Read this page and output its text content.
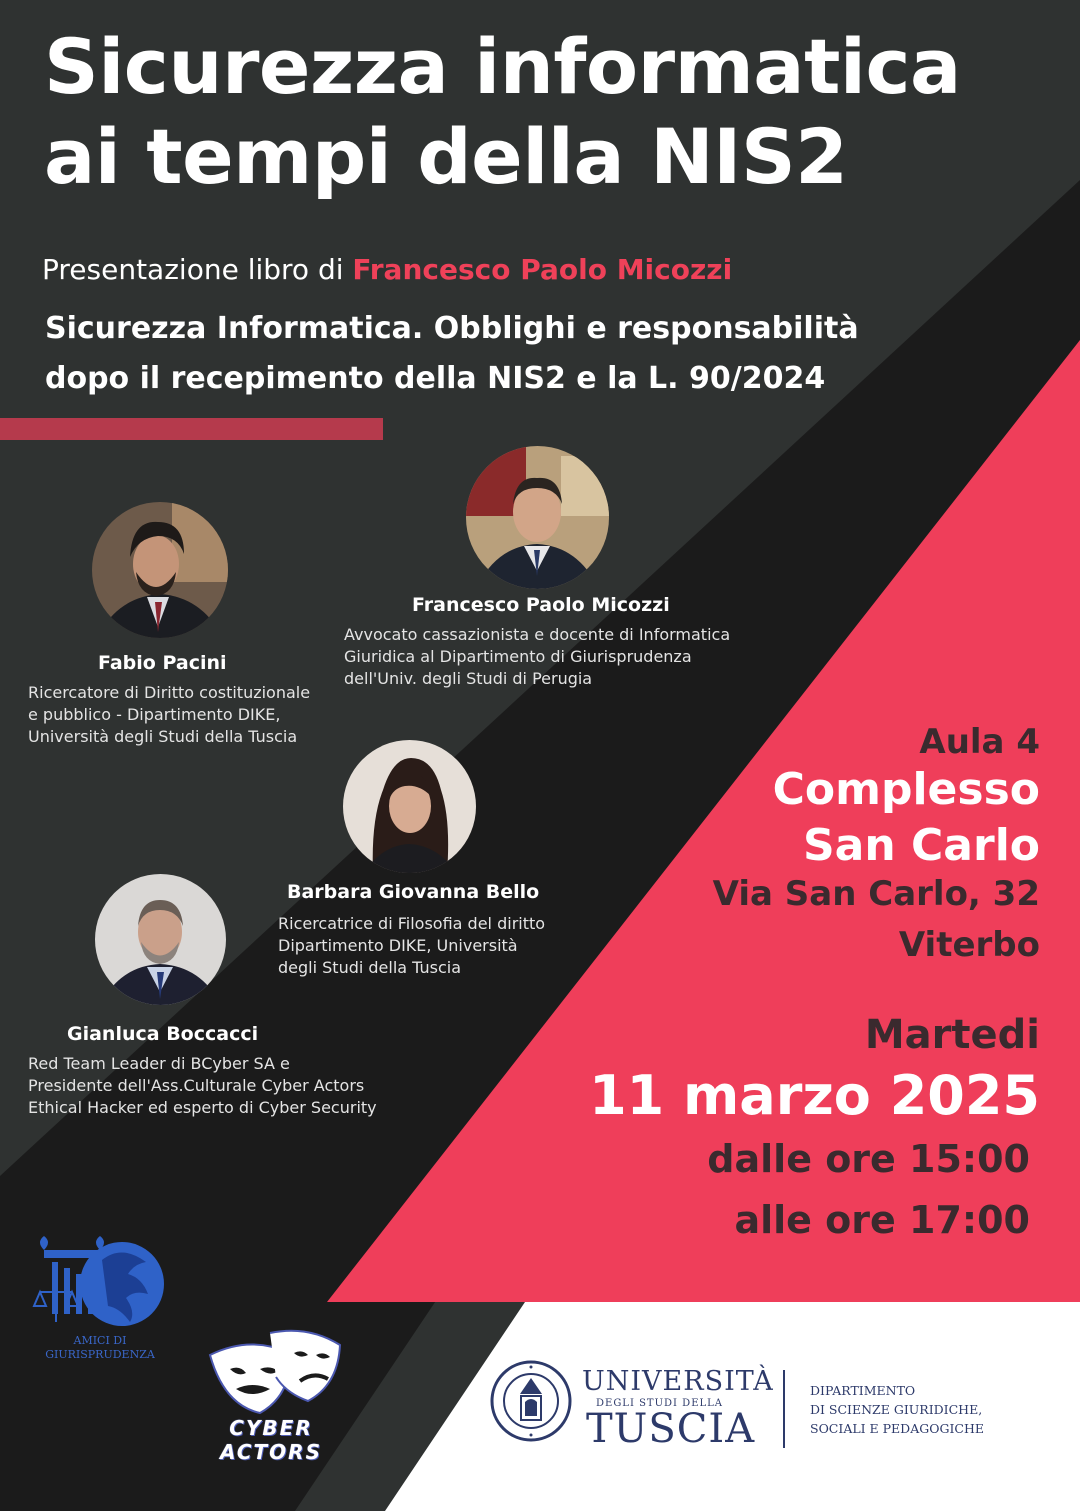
Sicurezza informatica
ai tempi della NIS2
Presentazione libro di Francesco Paolo Micozzi
Sicurezza Informatica. Obblighi e responsabilità
dopo il recepimento della NIS2 e la L. 90/2024
Francesco Paolo Micozzi
Avvocato cassazionista e docente di Informatica
Giuridica al Dipartimento di Giurisprudenza
dell'Univ. degli Studi di Perugia
Fabio Pacini
Ricercatore di Diritto costituzionale
e pubblico - Dipartimento DIKE,
Università degli Studi della Tuscia
Barbara Giovanna Bello
Ricercatrice di Filosofia del diritto
Dipartimento DIKE, Università
degli Studi della Tuscia
Gianluca Boccacci
Red Team Leader di BCyber SA e
Presidente dell'Ass.Culturale Cyber Actors
Ethical Hacker ed esperto di Cyber Security
Aula 4
Complesso
San Carlo
Via San Carlo, 32
Viterbo
Martedi
11 marzo 2025
dalle ore 15:00
alle ore 17:00
AMICI DI
GIURISPRUDENZA
CYBER
ACTORS
UNIVERSITÀ
DEGLI STUDI DELLA
TUSCIA
DIPARTIMENTO
DI SCIENZE GIURIDICHE,
SOCIALI E PEDAGOGICHE
